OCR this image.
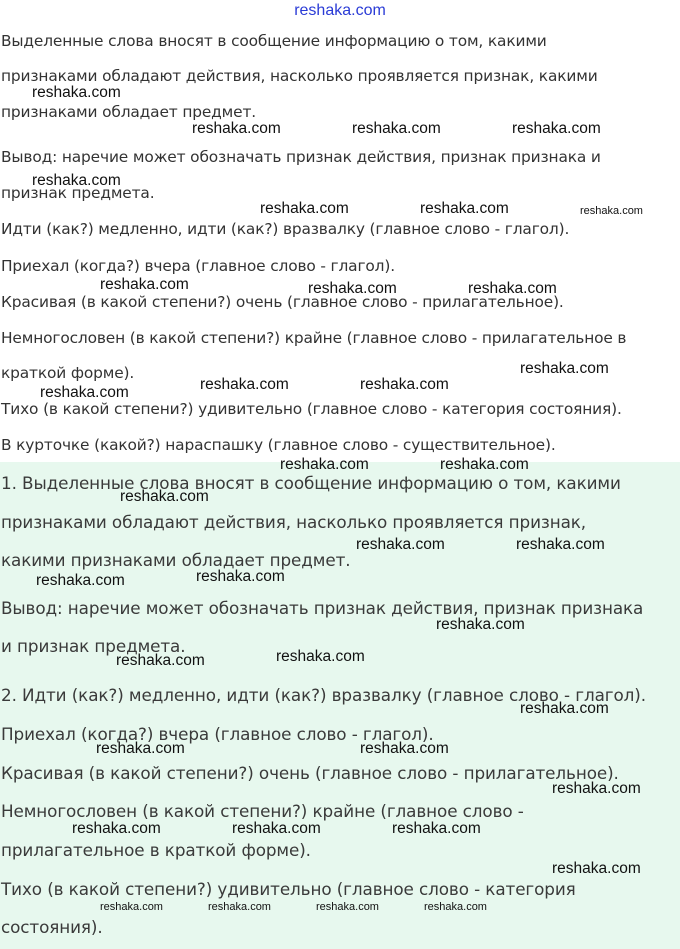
reshaka.com
Выделенные слова вносят в сообщение информацию о том, какими
признаками обладают действия, насколько проявляется признак, какими
признаками обладает предмет.
Вывод: наречие может обозначать признак действия, признак признака и
признак предмета.
Идти (как?) медленно, идти (как?) вразвалку (главное слово - глагол).
Приехал (когда?) вчера (главное слово - глагол).
Красивая (в какой степени?) очень (главное слово - прилагательное).
Немногословен (в какой степени?) крайне (главное слово - прилагательное в
краткой форме).
Тихо (в какой степени?) удивительно (главное слово - категория состояния).
В курточке (какой?) нараспашку (главное слово - существительное).
1. Выделенные слова вносят в сообщение информацию о том, какими
признаками обладают действия, насколько проявляется признак,
какими признаками обладает предмет.
Вывод: наречие может обозначать признак действия, признак признака
и признак предмета.
2. Идти (как?) медленно, идти (как?) вразвалку (главное слово - глагол).
Приехал (когда?) вчера (главное слово - глагол).
Красивая (в какой степени?) очень (главное слово - прилагательное).
Немногословен (в какой степени?) крайне (главное слово -
прилагательное в краткой форме).
Тихо (в какой степени?) удивительно (главное слово - категория
состояния).
reshaka.com
reshaka.com	reshaka.com	reshaka.com
reshaka.com
reshaka.com	reshaka.com	reshaka.com
reshaka.com	reshaka.com	reshaka.com
reshaka.com
reshaka.com	reshaka.com
reshaka.com
reshaka.com	reshaka.com
reshaka.com
reshaka.com	reshaka.com
reshaka.com
reshaka.com
reshaka.com
reshaka.com
reshaka.com
reshaka.com
reshaka.com	reshaka.com
reshaka.com
reshaka.com	reshaka.com	reshaka.com
reshaka.com
reshaka.com	reshaka.com	reshaka.com	reshaka.com
